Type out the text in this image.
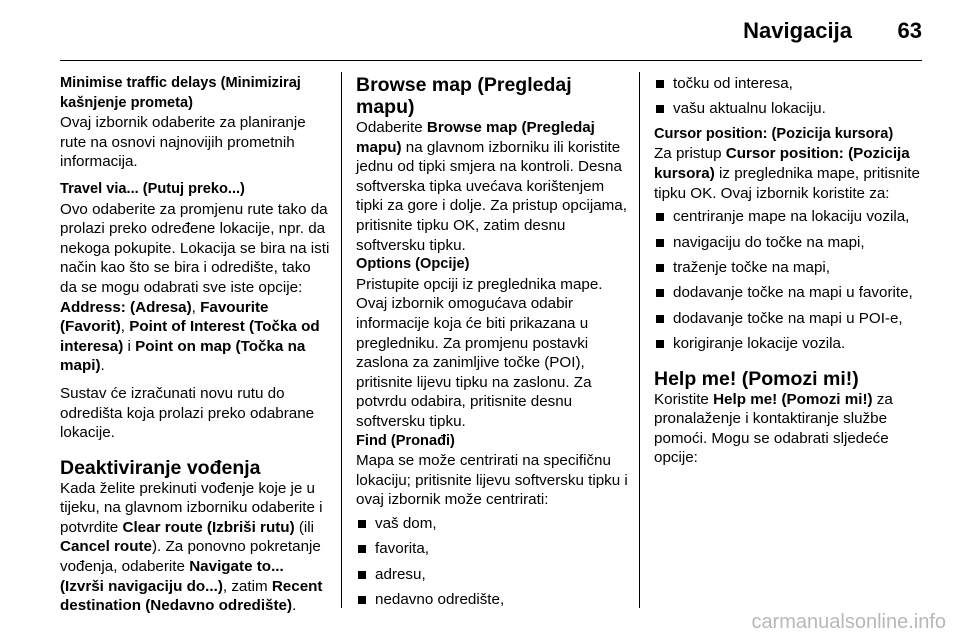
Navigacija 63
Minimise traffic delays (Minimiziraj kašnjenje prometa)

Ovaj izbornik odaberite za planiranje rute na osnovi najnovijih prometnih informacija.

Travel via... (Putuj preko...)

Ovo odaberite za promjenu rute tako da prolazi preko određene lokacije, npr. da nekoga pokupite. Lokacija se bira na isti način kao što se bira i odredište, tako da se mogu odabrati sve iste opcije: Address: (Adresa), Favourite (Favorit), Point of Interest (Točka od interesa) i Point on map (Točka na mapi).

Sustav će izračunati novu rutu do odredišta koja prolazi preko odabrane lokacije.

Deaktiviranje vođenja

Kada želite prekinuti vođenje koje je u tijeku, na glavnom izborniku odaberite i potvrdite Clear route (Izbriši rutu) (ili Cancel route). Za ponovno pokretanje vođenja, odaberite Navigate to... (Izvrši navigaciju do...), zatim Recent destination (Nedavno odredište).

Browse map (Pregledaj mapu)

Odaberite Browse map (Pregledaj mapu) na glavnom izborniku ili koristite jednu od tipki smjera na kontroli. Desna softverska tipka uvećava korištenjem tipki za gore i dolje. Za pristup opcijama, pritisnite tipku OK, zatim desnu softversku tipku.

Options (Opcije)

Pristupite opciji iz preglednika mape. Ovaj izbornik omogućava odabir informacije koja će biti prikazana u pregledniku. Za promjenu postavki zaslona za zanimljive točke (POI), pritisnite lijevu tipku na zaslonu. Za potvrdu odabira, pritisnite desnu softversku tipku.

Find (Pronađi)

Mapa se može centrirati na specifičnu lokaciju; pritisnite lijevu softversku tipku i ovaj izbornik može centrirati:

vaš dom,
favorita,
adresu,
nedavno odredište,
točku od interesa,
vašu aktualnu lokaciju.
Cursor position: (Pozicija kursora)

Za pristup Cursor position: (Pozicija kursora) iz preglednika mape, pritisnite tipku OK. Ovaj izbornik koristite za:

centriranje mape na lokaciju vozila,
navigaciju do točke na mapi,
traženje točke na mapi,
dodavanje točke na mapi u favorite,
dodavanje točke na mapi u POI-e,
korigiranje lokacije vozila.
Help me! (Pomozi mi!)

Koristite Help me! (Pomozi mi!) za pronalaženje i kontaktiranje službe pomoći. Mogu se odabrati sljedeće opcije:

carmanualsonline.info
